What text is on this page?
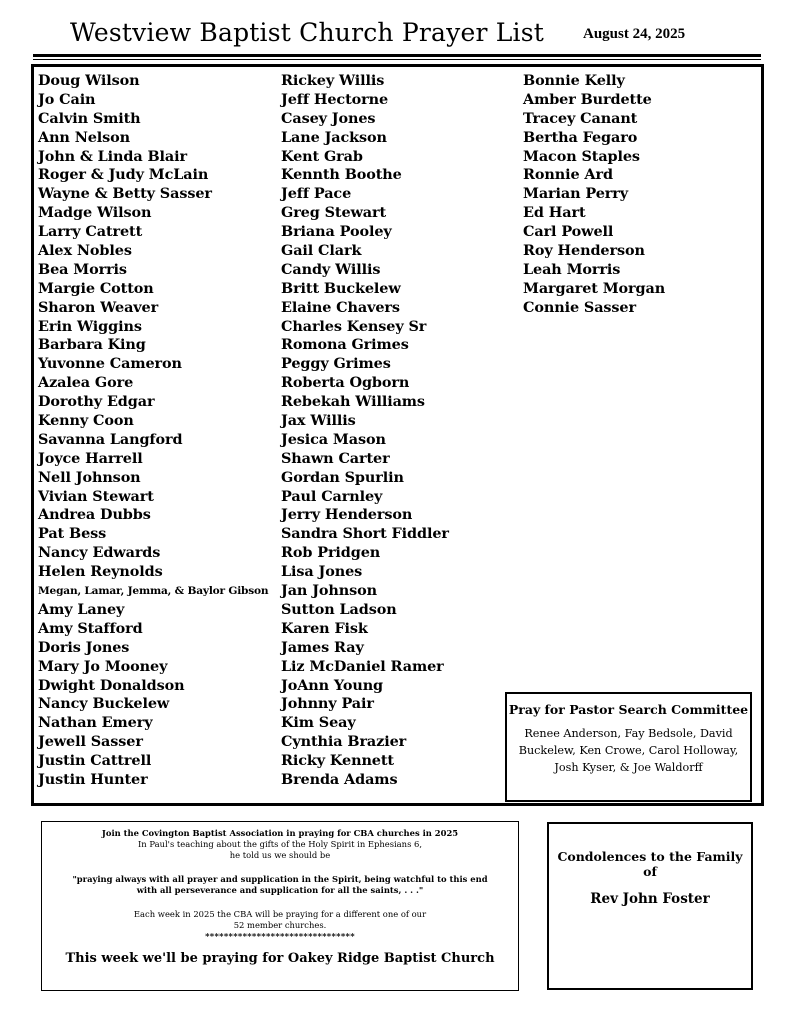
Westview Baptist Church Prayer List	August 24, 2025
Doug Wilson
Jo Cain
Calvin Smith
Ann Nelson
John & Linda Blair
Roger & Judy McLain
Wayne & Betty Sasser
Madge Wilson
Larry Catrett
Alex Nobles
Bea Morris
Margie Cotton
Sharon Weaver
Erin Wiggins
Barbara King
Yuvonne Cameron
Azalea Gore
Dorothy Edgar
Kenny Coon
Savanna Langford
Joyce Harrell
Nell Johnson
Vivian Stewart
Andrea Dubbs
Pat Bess
Nancy Edwards
Helen Reynolds
Megan, Lamar, Jemma, & Baylor Gibson
Amy Laney
Amy Stafford
Doris Jones
Mary Jo Mooney
Dwight Donaldson
Nancy Buckelew
Nathan Emery
Jewell Sasser
Justin Cattrell
Justin Hunter
Rickey Willis
Jeff Hectorne
Casey Jones
Lane Jackson
Kent Grab
Kennth Boothe
Jeff Pace
Greg Stewart
Briana Pooley
Gail Clark
Candy Willis
Britt Buckelew
Elaine Chavers
Charles Kensey Sr
Romona Grimes
Peggy Grimes
Roberta Ogborn
Rebekah Williams
Jax Willis
Jesica Mason
Shawn Carter
Gordan Spurlin
Paul Carnley
Jerry Henderson
Sandra Short Fiddler
Rob Pridgen
Lisa Jones
Jan Johnson
Sutton Ladson
Karen Fisk
James Ray
Liz McDaniel Ramer
JoAnn Young
Johnny Pair
Kim Seay
Cynthia Brazier
Ricky Kennett
Brenda Adams
Bonnie Kelly
Amber Burdette
Tracey Canant
Bertha Fegaro
Macon Staples
Ronnie Ard
Marian Perry
Ed Hart
Carl Powell
Roy Henderson
Leah Morris
Margaret Morgan
Connie Sasser
Pray for Pastor Search Committee
Renee Anderson, Fay Bedsole, David Buckelew, Ken Crowe, Carol Holloway, Josh Kyser, & Joe Waldorff
Join the Covington Baptist Association in praying for CBA churches in 2025
In Paul's teaching about the gifts of the Holy Spirit in Ephesians 6,
he told us we should be
"praying always with all prayer and supplication in the Spirit, being watchful to this end with all perseverance and supplication for all the saints, . . ."
Each week in 2025 the CBA will be praying for a different one of our
52 member churches.
********************************
This week we'll be praying for Oakey Ridge Baptist Church
Condolences to the Family of
Rev John Foster
